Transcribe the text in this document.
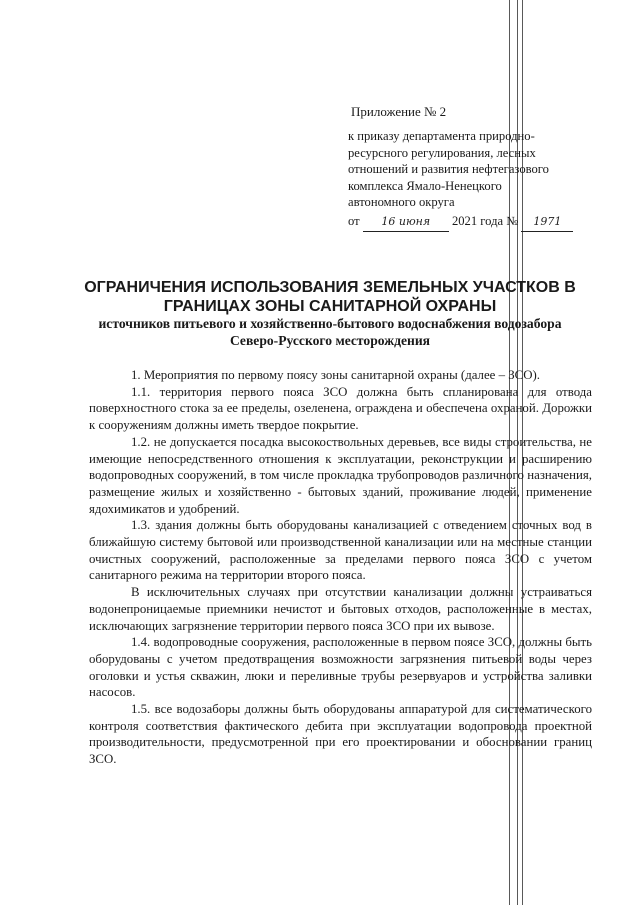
Приложение № 2
к приказу департамента природно-
ресурсного регулирования, лесных
отношений и развития нефтегазового
комплекса Ямало-Ненецкого
автономного округа
от 16 июня 2021 года № 1971
ОГРАНИЧЕНИЯ ИСПОЛЬЗОВАНИЯ ЗЕМЕЛЬНЫХ УЧАСТКОВ В
ГРАНИЦАХ ЗОНЫ САНИТАРНОЙ ОХРАНЫ
источников питьевого и хозяйственно-бытового водоснабжения водозабора
Северо-Русского месторождения

1. Мероприятия по первому поясу зоны санитарной охраны (далее – ЗСО).

1.1. территория первого пояса ЗСО должна быть спланирована для отвода поверхностного стока за ее пределы, озеленена, ограждена и обеспечена охраной. Дорожки к сооружениям должны иметь твердое покрытие.

1.2. не допускается посадка высокоствольных деревьев, все виды строительства, не имеющие непосредственного отношения к эксплуатации, реконструкции и расширению водопроводных сооружений, в том числе прокладка трубопроводов различного назначения, размещение жилых и хозяйственно - бытовых зданий, проживание людей, применение ядохимикатов и удобрений.

1.3. здания должны быть оборудованы канализацией с отведением сточных вод в ближайшую систему бытовой или производственной канализации или на местные станции очистных сооружений, расположенные за пределами первого пояса ЗСО с учетом санитарного режима на территории второго пояса.

В исключительных случаях при отсутствии канализации должны устраиваться водонепроницаемые приемники нечистот и бытовых отходов, расположенные в местах, исключающих загрязнение территории первого пояса ЗСО при их вывозе.

1.4. водопроводные сооружения, расположенные в первом поясе ЗСО, должны быть оборудованы с учетом предотвращения возможности загрязнения питьевой воды через оголовки и устья скважин, люки и переливные трубы резервуаров и устройства заливки насосов.

1.5. все водозаборы должны быть оборудованы аппаратурой для систематического контроля соответствия фактического дебита при эксплуатации водопровода проектной производительности, предусмотренной при его проектировании и обосновании границ ЗСО.
